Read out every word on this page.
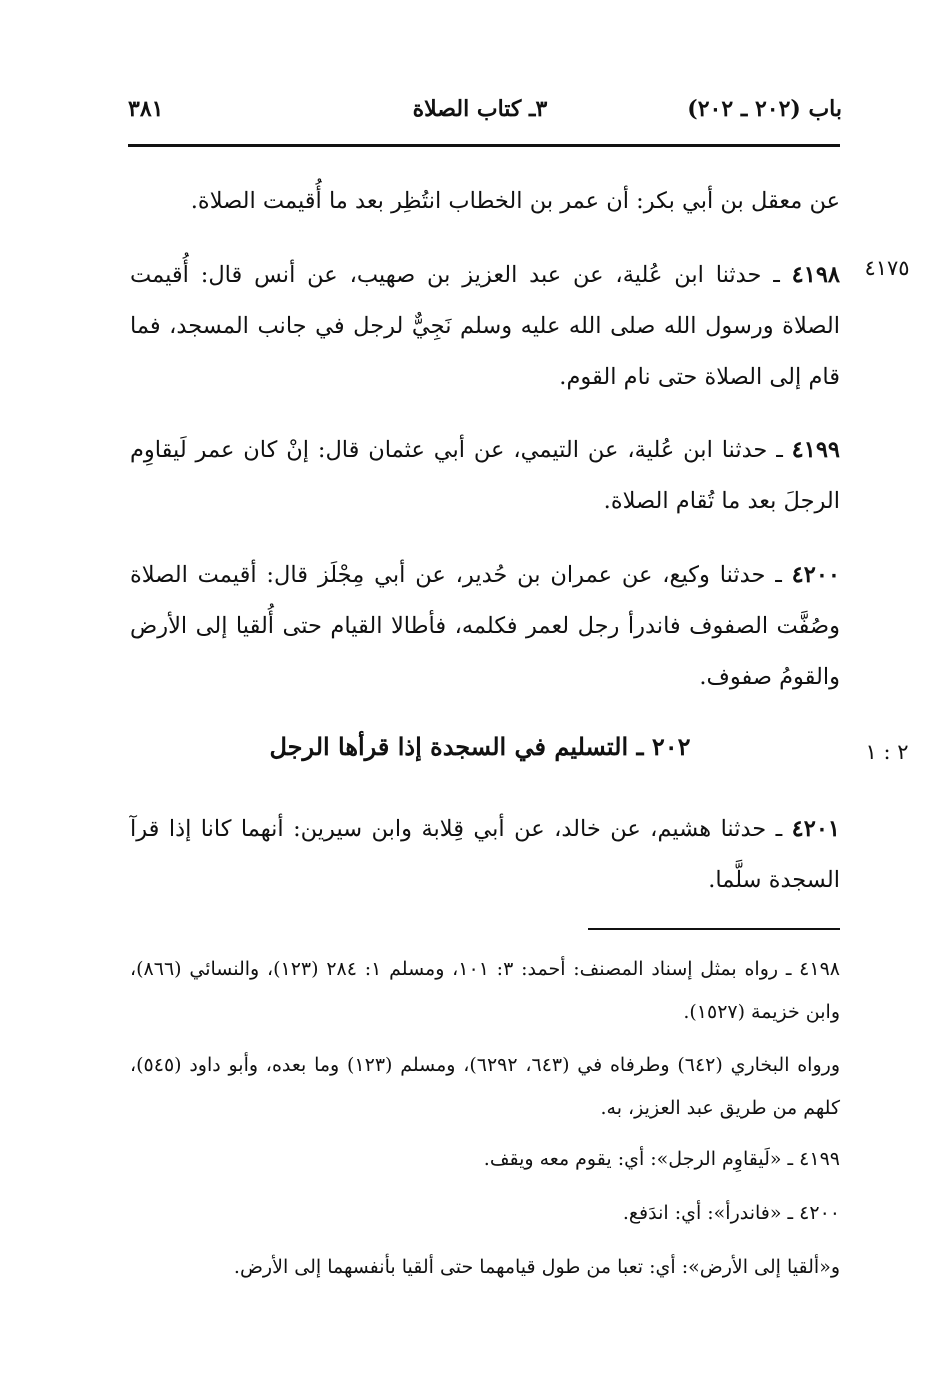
باب (٢٠٢ ـ ٢٠٢)
٣ـ كتاب الصلاة
٣٨١
عن معقل بن أبي بكر: أن عمر بن الخطاب انتُظِر بعد ما أُقيمت الصلاة.
٤١٧٥
٤١٩٨ ـ حدثنا ابن عُلية، عن عبد العزيز بن صهيب، عن أنس قال: أُقيمت الصلاة ورسول الله صلى الله عليه وسلم نَجِيٌّ لرجل في جانب المسجد، فما قام إلى الصلاة حتى نام القوم.
٤١٩٩ ـ حدثنا ابن عُلية، عن التيمي، عن أبي عثمان قال: إنْ كان عمر لَيقاوِم الرجلَ بعد ما تُقام الصلاة.
٤٢٠٠ ـ حدثنا وكيع، عن عمران بن حُدير، عن أبي مِجْلَز قال: أقيمت الصلاة وصُفَّت الصفوف فاندرأ رجل لعمر فكلمه، فأطالا القيام حتى أُلقيا إلى الأرض والقومُ صفوف.
٢ : ١
٢٠٢ ـ التسليم في السجدة إذا قرأها الرجل
٤٢٠١ ـ حدثنا هشيم، عن خالد، عن أبي قِلابة وابن سيرين: أنهما كانا إذا قرآ السجدة سلَّما.
٤١٩٨ ـ رواه بمثل إسناد المصنف: أحمد: ٣: ١٠١، ومسلم ١: ٢٨٤ (١٢٣)، والنسائي (٨٦٦)، وابن خزيمة (١٥٢٧).
ورواه البخاري (٦٤٢) وطرفاه في (٦٤٣، ٦٢٩٢)، ومسلم (١٢٣) وما بعده، وأبو داود (٥٤٥)، كلهم من طريق عبد العزيز، به.
٤١٩٩ ـ «لَيقاوِم الرجل»: أي: يقوم معه ويقف.
٤٢٠٠ ـ «فاندرأ»: أي: اندَفع.
و«ألقيا إلى الأرض»: أي: تعبا من طول قيامهما حتى ألقيا بأنفسهما إلى الأرض.
